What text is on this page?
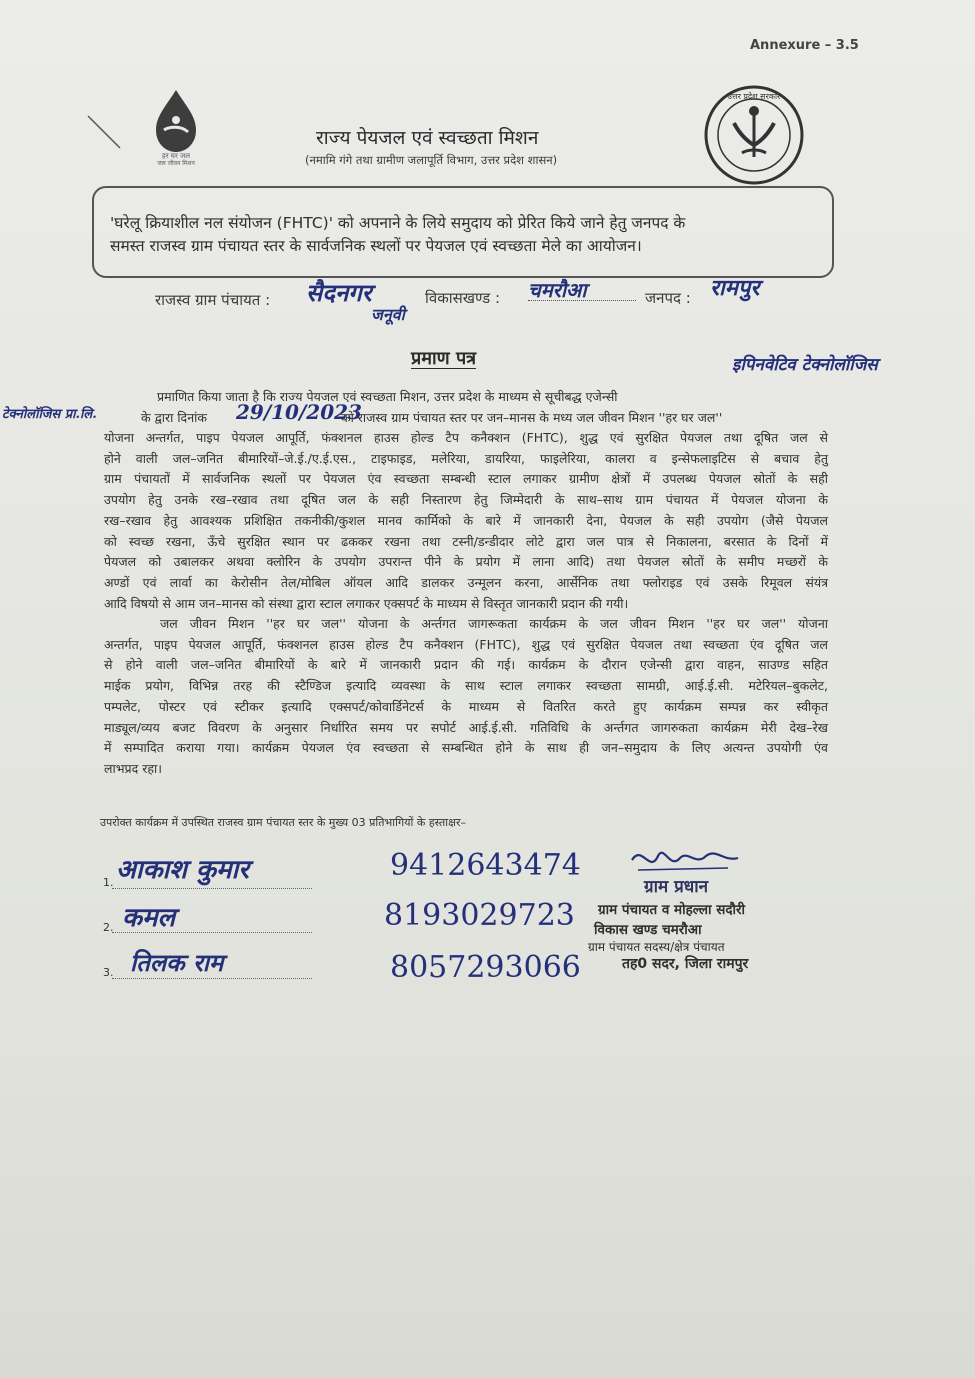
Annexure – 3.5
हर घर जल
जल जीवन मिशन
उत्तर प्रदेश सरकार
राज्य पेयजल एवं स्वच्छता मिशन
(नमामि गंगे तथा ग्रामीण जलापूर्ति विभाग, उत्तर प्रदेश शासन)
'घरेलू क्रियाशील नल संयोजन (FHTC)' को अपनाने के लिये समुदाय को प्रेरित किये जाने हेतु जनपद के
समस्त राजस्व ग्राम पंचायत स्तर के सार्वजनिक स्थलों पर पेयजल एवं स्वच्छता मेले का आयोजन।
राजस्व ग्राम पंचायत : सैदनगर
जनूवी
विकासखण्ड : चमरौआ	जनपद : रामपुर
प्रमाण पत्र	इपिनवेटिव टेक्नोलॉजिस
टेक्नोलॉजिस प्रा.लि.	29/10/2023
प्रमाणित किया जाता है कि राज्य पेयजल एवं स्वच्छता मिशन, उत्तर प्रदेश के माध्यम से सूचीबद्ध एजेन्सी
के द्वारा दिनांक	को राजस्व ग्राम पंचायत स्तर पर जन–मानस के मध्य जल जीवन मिशन ''हर घर जल''
योजना अन्तर्गत, पाइप पेयजल आपूर्ति, फंक्शनल हाउस होल्ड टैप कनैक्शन (FHTC), शुद्ध एवं सुरक्षित पेयजल तथा दूषित जल से
होने वाली जल–जनित बीमारियों–जे.ई./ए.ई.एस., टाइफाइड, मलेरिया, डायरिया, फाइलेरिया, कालरा व इन्सेफलाइटिस से बचाव हेतु
ग्राम पंचायतों में सार्वजनिक स्थलों पर पेयजल एंव स्वच्छता सम्बन्धी स्टाल लगाकर ग्रामीण क्षेत्रों में उपलब्ध पेयजल स्रोतों के सही
उपयोग हेतु उनके रख–रखाव तथा दूषित जल के सही निस्तारण हेतु जिम्मेदारी के साथ–साथ ग्राम पंचायत में पेयजल योजना के
रख–रखाव हेतु आवश्यक प्रशिक्षित तकनीकी/कुशल मानव कार्मिको के बारे में जानकारी देना, पेयजल के सही उपयोग (जैसे पेयजल
को स्वच्छ रखना, ऊँचे सुरक्षित स्थान पर ढककर रखना तथा टस्नी/डन्डीदार लोटे द्वारा जल पात्र से निकालना, बरसात के दिनों में
पेयजल को उबालकर अथवा क्लोरिन के उपयोग उपरान्त पीने के प्रयोग में लाना आदि) तथा पेयजल स्रोतों के समीप मच्छरों के
अण्डों एवं लार्वा का केरोसीन तेल/मोबिल ऑयल आदि डालकर उन्मूलन करना, आर्सेनिक तथा फ्लोराइड एवं उसके रिमूवल संयंत्र
आदि विषयो से आम जन–मानस को संस्था द्वारा स्टाल लगाकर एक्सपर्ट के माध्यम से विस्तृत जानकारी प्रदान की गयी।
जल जीवन मिशन ''हर घर जल'' योजना के अर्न्तगत जागरूकता कार्यक्रम के जल जीवन मिशन ''हर घर जल'' योजना
अन्तर्गत, पाइप पेयजल आपूर्ति, फंक्शनल हाउस होल्ड टैप कनैक्शन (FHTC), शुद्ध एवं सुरक्षित पेयजल तथा स्वच्छता एंव दूषित जल
से होने वाली जल–जनित बीमारियों के बारे में जानकारी प्रदान की गई। कार्यक्रम के दौरान एजेन्सी द्वारा वाहन, साउण्ड सहित
माईक प्रयोग, विभिन्न तरह की स्टैण्डिज इत्यादि व्यवस्था के साथ स्टाल लगाकर स्वच्छता सामग्री, आई.ई.सी. मटेरियल–बुकलेट,
पम्पलेट, पोस्टर एवं स्टीकर इत्यादि एक्सपर्ट/कोवार्डिनेटर्स के माध्यम से वितरित करते हुए कार्यक्रम सम्पन्न कर स्वीकृत
माड्यूल/व्यय बजट विवरण के अनुसार निर्धारित समय पर सपोर्ट आई.ई.सी. गतिविधि के अर्न्तगत जागरुकता कार्यक्रम मेरी देख–रेख
में सम्पादित कराया गया। कार्यक्रम पेयजल एंव स्वच्छता से सम्बन्धित होने के साथ ही जन–समुदाय के लिए अत्यन्त उपयोगी एंव
लाभप्रद रहा।
उपरोक्त कार्यक्रम में उपस्थित राजस्व ग्राम पंचायत स्तर के मुख्य 03 प्रतिभागियों के हस्ताक्षर–
1. आकाश कुमार	9412643474
2. कमल	8193029723
3. तिलक राम	8057293066
ग्राम प्रधान
ग्राम पंचायत व मोहल्ला सदौरी
विकास खण्ड चमरौआ
ग्राम पंचायत सदस्य/क्षेत्र पंचायत
तह0 सदर, जिला रामपुर
